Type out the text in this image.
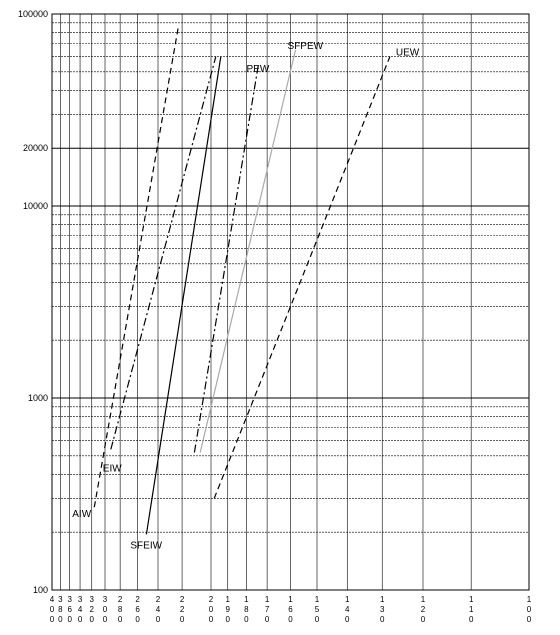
100
1000
10000
20000
100000
4 0 0
3 8 0
3 6 0
3 4 0
3 2 0
3 0 0
2 8 0
2 6 0
2 4 0
2 2 0
2 0 0
1 9 0
1 8 0
1 7 0
1 6 0
1 5 0
1 4 0
1 3 0
1 2 0
1 1 0
1 0 0
AIW
EIW
SFEIW
PEW
SFPEW
UEW
